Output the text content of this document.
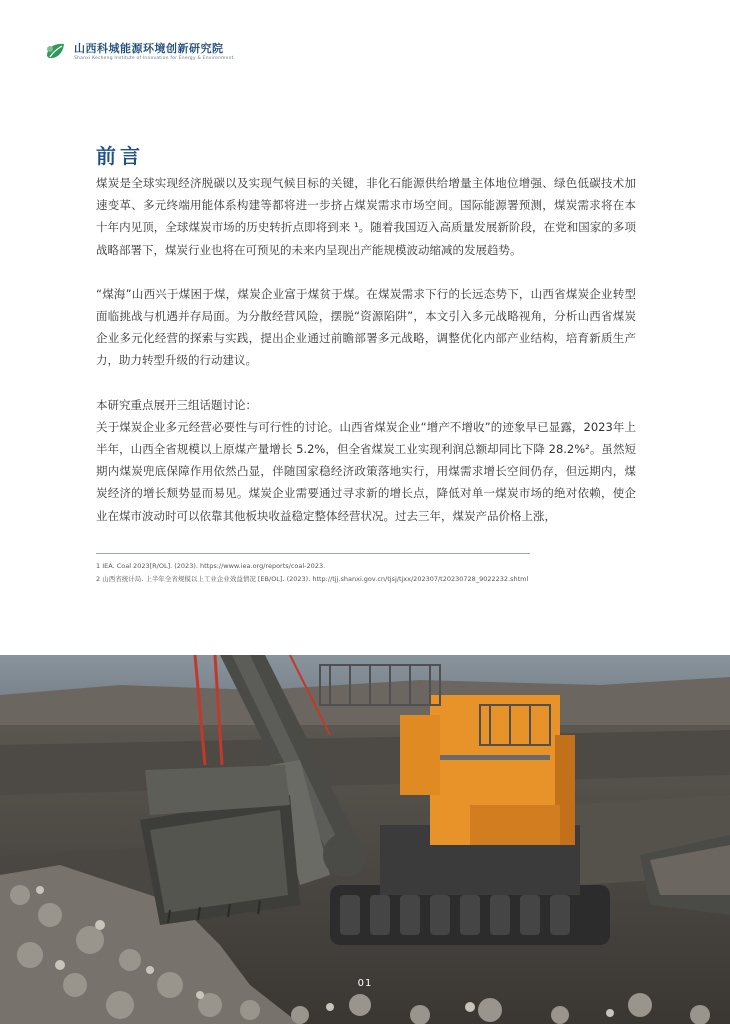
山西科城能源环境创新研究院
Shanxi Kecheng Institute of Innovation for Energy & Environment
前言

煤炭是全球实现经济脱碳以及实现气候目标的关键，非化石能源供给增量主体地位增强、绿色低碳技术加速变革、多元终端用能体系构建等都将进一步挤占煤炭需求市场空间。国际能源署预测，煤炭需求将在本十年内见顶，全球煤炭市场的历史转折点即将到来 ¹。随着我国迈入高质量发展新阶段，在党和国家的多项战略部署下，煤炭行业也将在可预见的未来内呈现出产能规模波动缩减的发展趋势。

“煤海”山西兴于煤困于煤，煤炭企业富于煤贫于煤。在煤炭需求下行的长远态势下，山西省煤炭企业转型面临挑战与机遇并存局面。为分散经营风险，摆脱“资源陷阱”，本文引入多元战略视角，分析山西省煤炭企业多元化经营的探索与实践，提出企业通过前瞻部署多元战略，调整优化内部产业结构，培育新质生产力，助力转型升级的行动建议。

本研究重点展开三组话题讨论：

关于煤炭企业多元经营必要性与可行性的讨论。山西省煤炭企业“增产不增收”的迹象早已显露，2023年上半年，山西全省规模以上原煤产量增长 5.2%，但全省煤炭工业实现利润总额却同比下降 28.2%²。虽然短期内煤炭兜底保障作用依然凸显，伴随国家稳经济政策落地实行，用煤需求增长空间仍存，但远期内，煤炭经济的增长颓势显而易见。煤炭企业需要通过寻求新的增长点，降低对单一煤炭市场的绝对依赖，使企业在煤市波动时可以依靠其他板块收益稳定整体经营状况。过去三年，煤炭产品价格上涨，

1 IEA. Coal 2023[R/OL]. (2023). https://www.iea.org/reports/coal-2023.
2 山西省统计局. 上半年全省规模以上工业企业效益情况 [EB/OL]. (2023). http://tjj.shanxi.gov.cn/tjsj/tjxx/202307/t20230728_9022232.shtml
01
